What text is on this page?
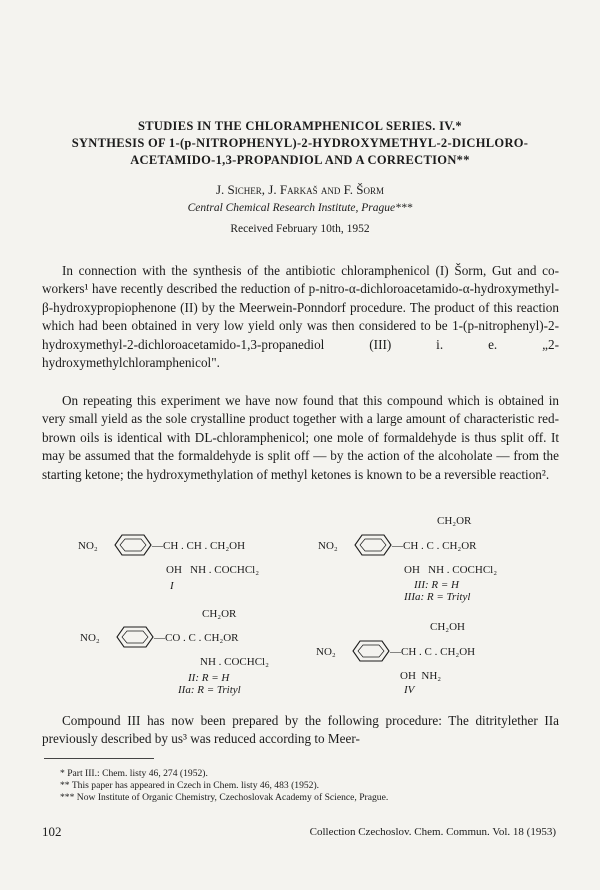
STUDIES IN THE CHLORAMPHENICOL SERIES. IV.*
SYNTHESIS OF 1-(p-NITROPHENYL)-2-HYDROXYMETHYL-2-DICHLORO-
ACETAMIDO-1,3-PROPANDIOL AND A CORRECTION**
J. Sicher, J. Farkaš and F. Šorm
Central Chemical Research Institute, Prague***
Received February 10th, 1952

In connection with the synthesis of the antibiotic chloramphenicol (I) Šorm, Gut and co-workers¹ have recently described the reduction of p-nitro-α-dichloroacetamido-α-hydroxymethyl-β-hydroxypropiophenone (II) by the Meerwein-Ponndorf procedure. The product of this reaction which had been obtained in very low yield only was then considered to be 1-(p-nitrophenyl)-2-hydroxymethyl-2-dichloroacetamido-1,3-propanediol (III) i. e. „2-hydroxymethylchloramphenicol".

On repeating this experiment we have now found that this compound which is obtained in very small yield as the sole crystalline product together with a large amount of characteristic red-brown oils is identical with DL-chloramphenicol; one mole of formaldehyde is thus split off. It may be assumed that the formaldehyde is split off — by the action of the alcoholate — from the starting ketone; the hydroxymethylation of methyl ketones is known to be a reversible reaction².

NO₂	—CH . CH . CH₂OH
OH   NH . COCHCl₂
I
CH₂OR
NO₂	—CH . C . CH₂OR
OH   NH . COCHCl₂
III: R = H
IIIa: R = Trityl
CH₂OR
NO₂	—CO . C . CH₂OR
NH . COCHCl₂
II: R = H
IIa: R = Trityl
CH₂OH
NO₂	—CH . C . CH₂OH
OH  NH₂
IV

Compound III has now been prepared by the following procedure: The ditritylether IIa previously described by us³ was reduced according to Meer-

* Part III.: Chem. listy 46, 274 (1952).
** This paper has appeared in Czech in Chem. listy 46, 483 (1952).
*** Now Institute of Organic Chemistry, Czechoslovak Academy of Science, Prague.
102	Collection Czechoslov. Chem. Commun. Vol. 18 (1953)
